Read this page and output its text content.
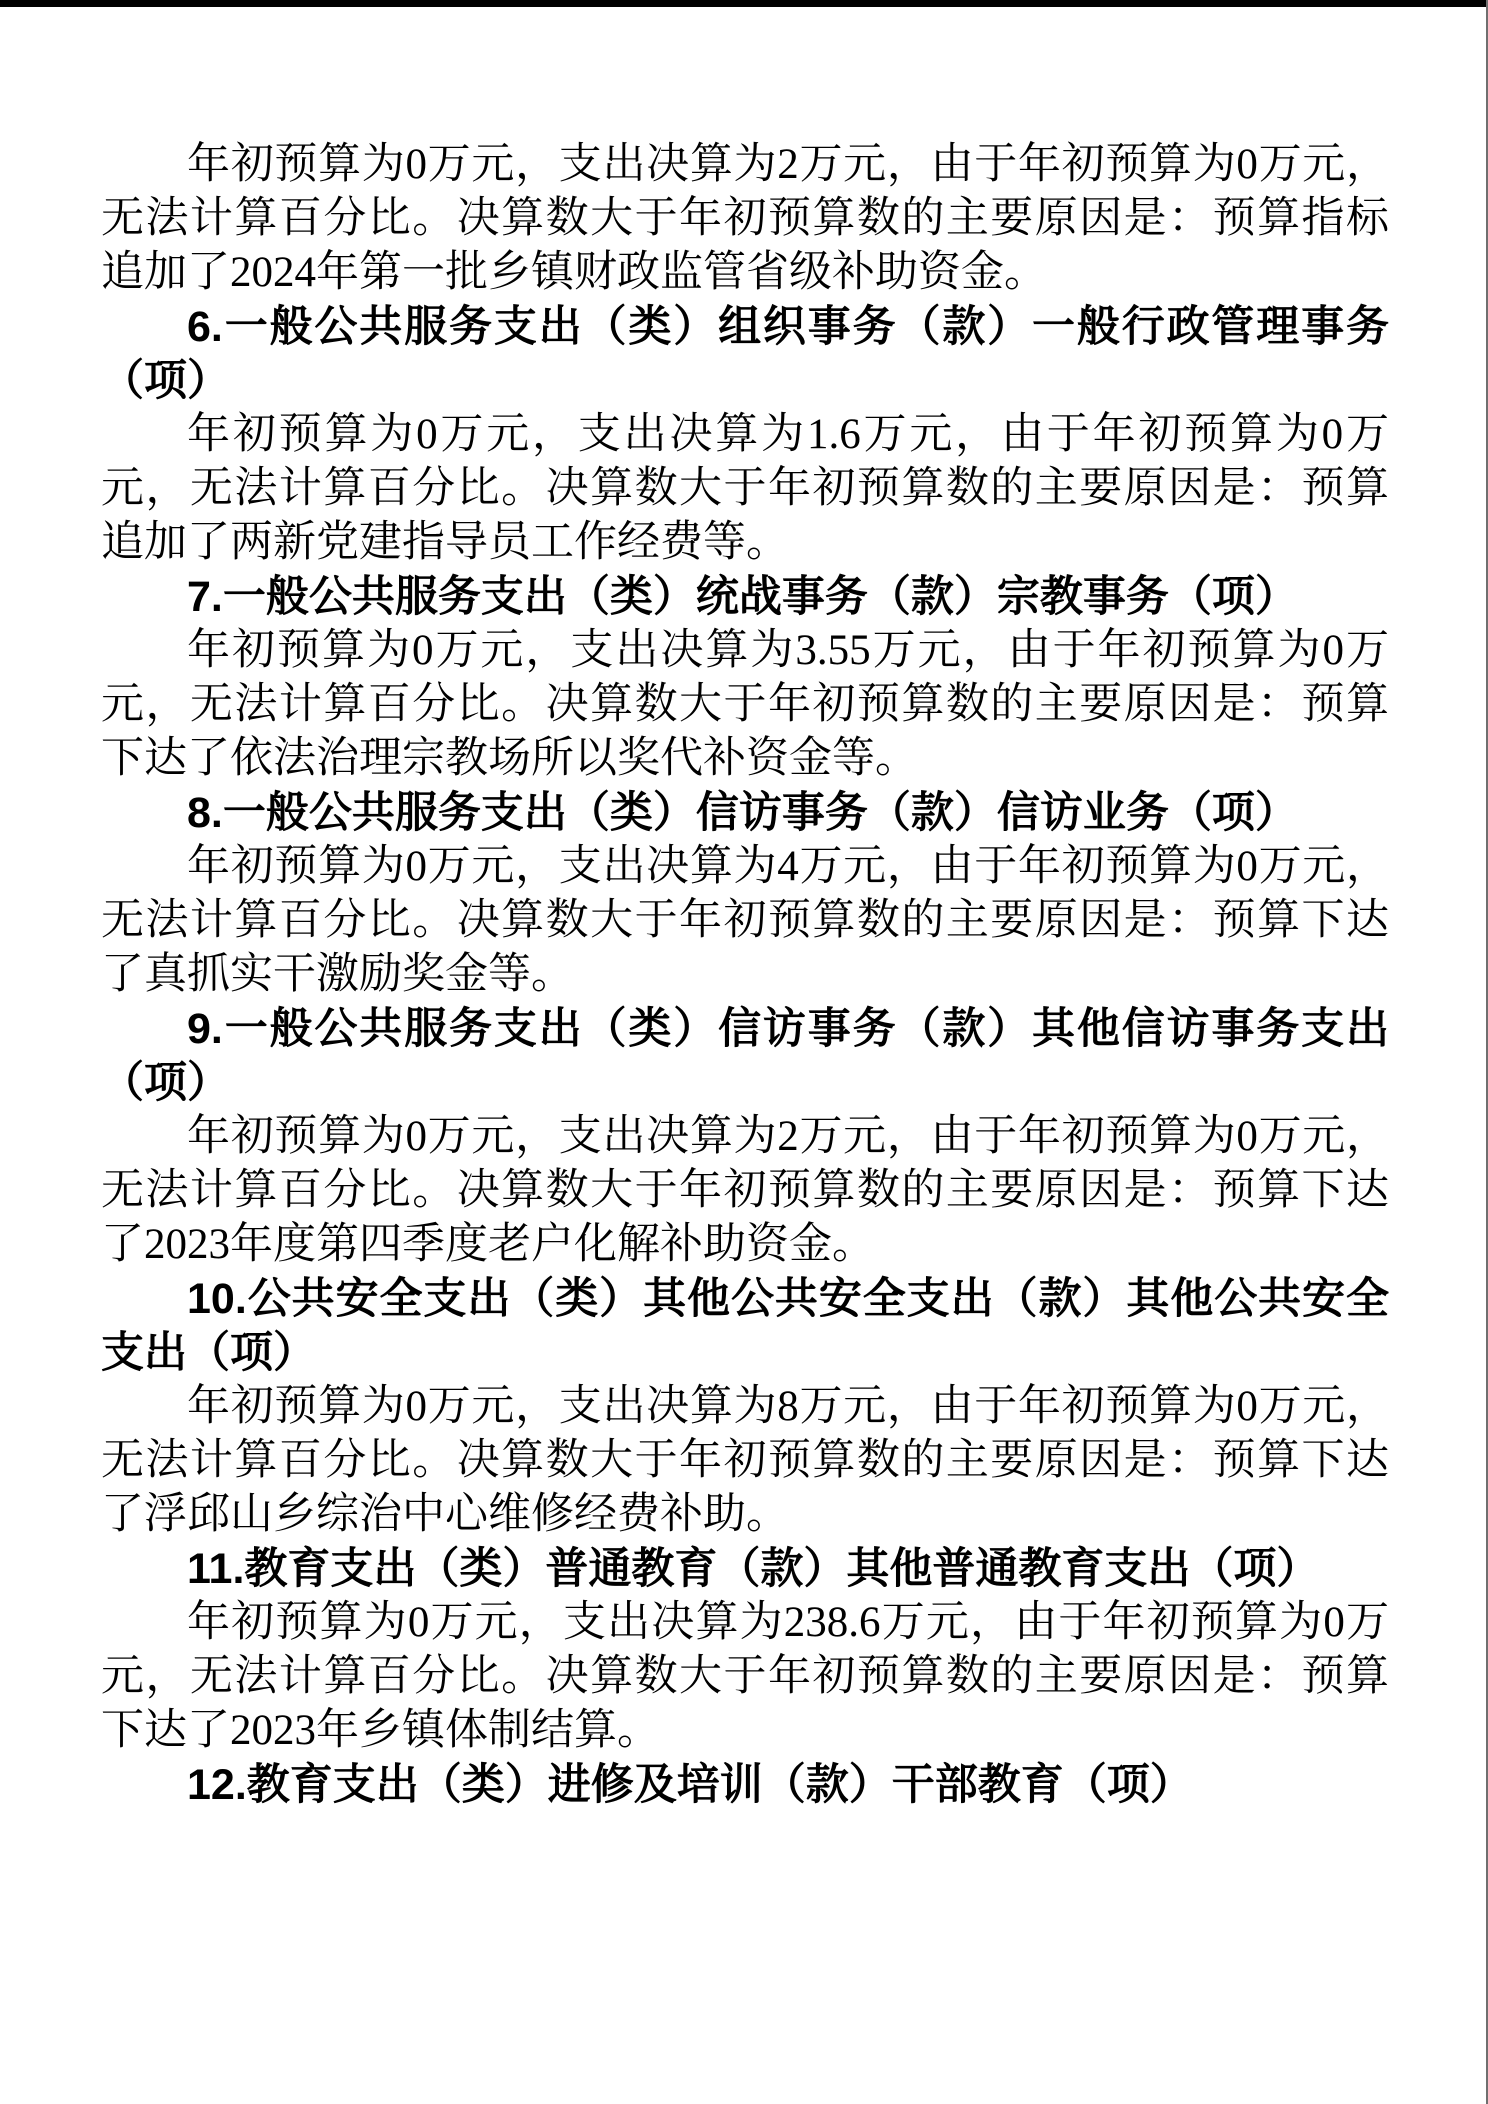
年初预算为0万元，支出决算为2万元，由于年初预算为0万元，无法计算百分比。决算数大于年初预算数的主要原因是：预算指标追加了2024年第一批乡镇财政监管省级补助资金。

6.一般公共服务支出（类）组织事务（款）一般行政管理事务（项）

年初预算为0万元，支出决算为1.6万元，由于年初预算为0万元，无法计算百分比。决算数大于年初预算数的主要原因是：预算追加了两新党建指导员工作经费等。

7.一般公共服务支出（类）统战事务（款）宗教事务（项）

年初预算为0万元，支出决算为3.55万元，由于年初预算为0万元，无法计算百分比。决算数大于年初预算数的主要原因是：预算下达了依法治理宗教场所以奖代补资金等。

8.一般公共服务支出（类）信访事务（款）信访业务（项）

年初预算为0万元，支出决算为4万元，由于年初预算为0万元，无法计算百分比。决算数大于年初预算数的主要原因是：预算下达了真抓实干激励奖金等。

9.一般公共服务支出（类）信访事务（款）其他信访事务支出（项）

年初预算为0万元，支出决算为2万元，由于年初预算为0万元，无法计算百分比。决算数大于年初预算数的主要原因是：预算下达了2023年度第四季度老户化解补助资金。

10.公共安全支出（类）其他公共安全支出（款）其他公共安全支出（项）

年初预算为0万元，支出决算为8万元，由于年初预算为0万元，无法计算百分比。决算数大于年初预算数的主要原因是：预算下达了浮邱山乡综治中心维修经费补助。

11.教育支出（类）普通教育（款）其他普通教育支出（项）

年初预算为0万元，支出决算为238.6万元，由于年初预算为0万元，无法计算百分比。决算数大于年初预算数的主要原因是：预算下达了2023年乡镇体制结算。

12.教育支出（类）进修及培训（款）干部教育（项）
